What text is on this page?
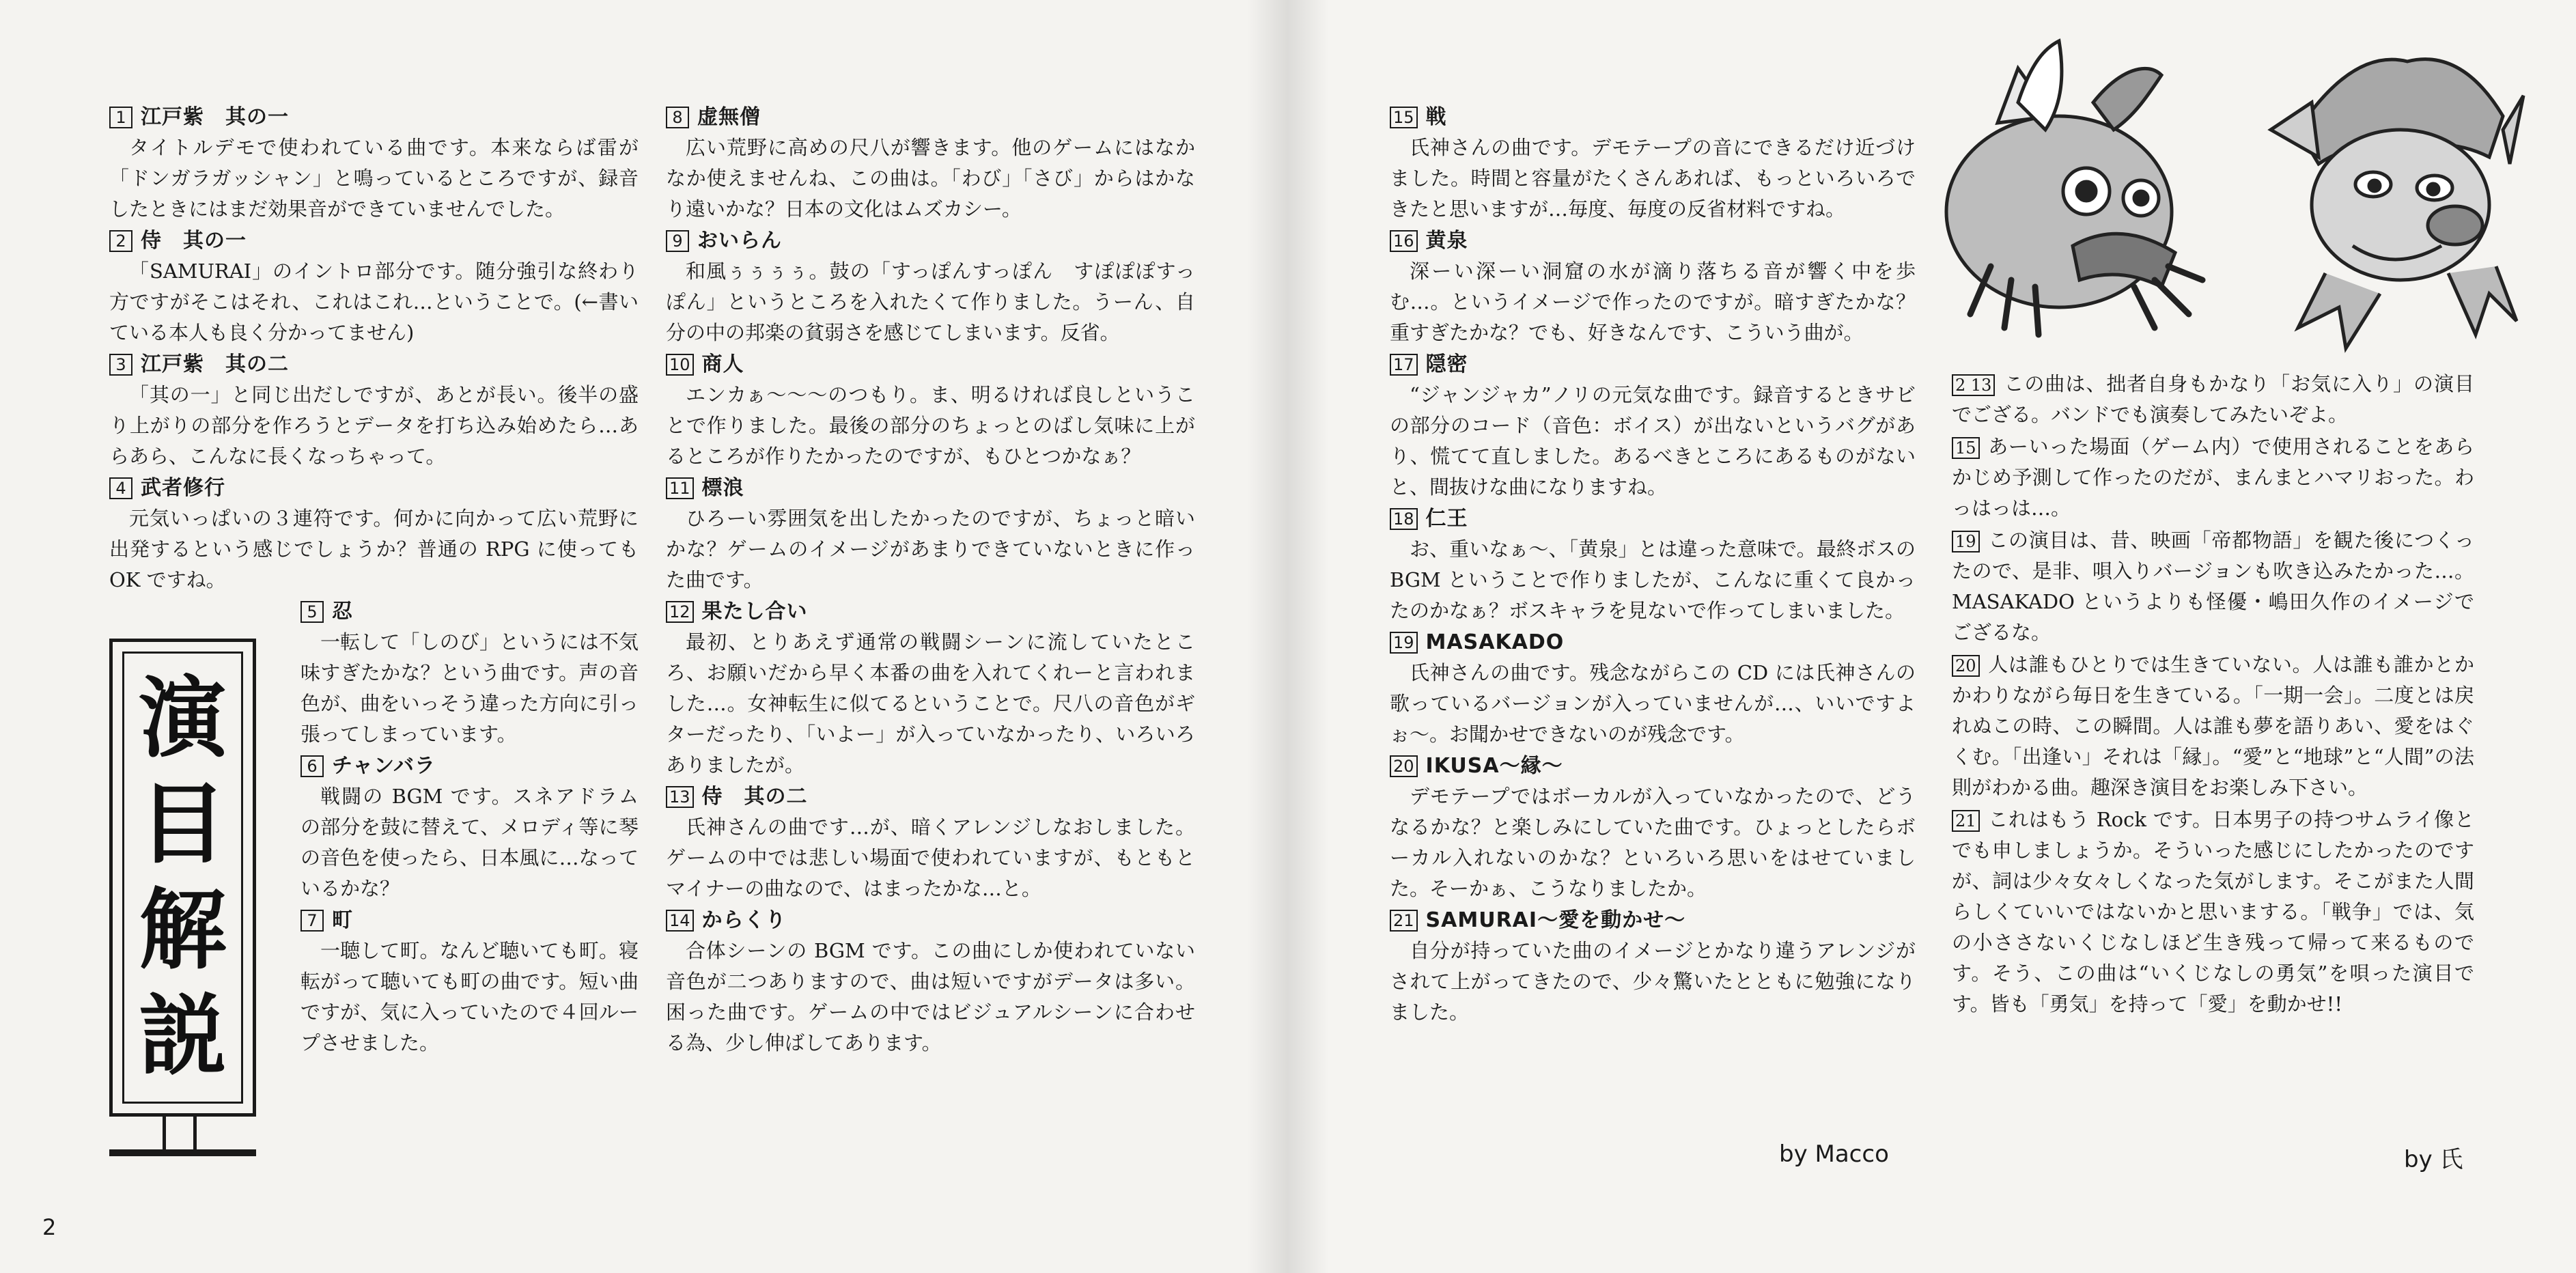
1 江戸紫　其の一

タイトルデモで使われている曲です。本来ならば雷が「ドンガラガッシャン」と鳴っているところですが、録音したときにはまだ効果音ができていませんでした。

2 侍　其の一

「SAMURAI」のイントロ部分です。随分強引な終わり方ですがそこはそれ、これはこれ…ということで。(←書いている本人も良く分かってません)

3 江戸紫　其の二

「其の一」と同じ出だしですが、あとが長い。後半の盛り上がりの部分を作ろうとデータを打ち込み始めたら…あらあら、こんなに長くなっちゃって。

4 武者修行

元気いっぱいの３連符です。何かに向かって広い荒野に出発するという感じでしょうか？普通の RPG に使っても OK ですね。

5 忍

一転して「しのび」というには不気味すぎたかな？という曲です。声の音色が、曲をいっそう違った方向に引っ張ってしまっています。

6 チャンバラ

戦闘の BGM です。スネアドラムの部分を鼓に替えて、メロディ等に琴の音色を使ったら、日本風に…なっているかな？

7 町

一聴して町。なんど聴いても町。寝転がって聴いても町の曲です。短い曲ですが、気に入っていたので４回ループさせました。

演
目
解
説
8 虚無僧

広い荒野に高めの尺八が響きます。他のゲームにはなかなか使えませんね、この曲は。「わび」「さび」からはかなり遠いかな？日本の文化はムズカシー。

9 おいらん

和風ぅぅぅぅ。鼓の「すっぽんすっぽん　すぽぽぽすっぽん」というところを入れたくて作りました。うーん、自分の中の邦楽の貧弱さを感じてしまいます。反省。

10 商人

エンカぁ〜〜〜のつもり。ま、明るければ良しということで作りました。最後の部分のちょっとのばし気味に上がるところが作りたかったのですが、もひとつかなぁ？

11 標浪

ひろーい雰囲気を出したかったのですが、ちょっと暗いかな？ゲームのイメージがあまりできていないときに作った曲です。

12 果たし合い

最初、とりあえず通常の戦闘シーンに流していたところ、お願いだから早く本番の曲を入れてくれーと言われました…。女神転生に似てるということで。尺八の音色がギターだったり、「いよー」が入っていなかったり、いろいろありましたが。

13 侍　其の二

氏神さんの曲です…が、暗くアレンジしなおしました。ゲームの中では悲しい場面で使われていますが、もともとマイナーの曲なので、はまったかな…と。

14 からくり

合体シーンの BGM です。この曲にしか使われていない音色が二つありますので、曲は短いですがデータは多い。困った曲です。ゲームの中ではビジュアルシーンに合わせる為、少し伸ばしてあります。

2
15 戦

氏神さんの曲です。デモテープの音にできるだけ近づけました。時間と容量がたくさんあれば、もっといろいろできたと思いますが…毎度、毎度の反省材料ですね。

16 黄泉

深ーい深ーい洞窟の水が滴り落ちる音が響く中を歩む…。というイメージで作ったのですが。暗すぎたかな？重すぎたかな？でも、好きなんです、こういう曲が。

17 隠密

“ジャンジャカ”ノリの元気な曲です。録音するときサビの部分のコード（音色：ボイス）が出ないというバグがあり、慌てて直しました。あるべきところにあるものがないと、間抜けな曲になりますね。

18 仁王

お、重いなぁ〜、「黄泉」とは違った意味で。最終ボスの BGM ということで作りましたが、こんなに重くて良かったのかなぁ？ボスキャラを見ないで作ってしまいました。

19 MASAKADO

氏神さんの曲です。残念ながらこの CD には氏神さんの歌っているバージョンが入っていませんが…、いいですよぉ〜。お聞かせできないのが残念です。

20 IKUSA〜縁〜

デモテープではボーカルが入っていなかったので、どうなるかな？と楽しみにしていた曲です。ひょっとしたらボーカル入れないのかな？といろいろ思いをはせていました。そーかぁ、こうなりましたか。

21 SAMURAI〜愛を動かせ〜

自分が持っていた曲のイメージとかなり違うアレンジがされて上がってきたので、少々驚いたとともに勉強になりました。

by Macco

2 13 この曲は、拙者自身もかなり「お気に入り」の演目でござる。バンドでも演奏してみたいぞよ。

15 あーいった場面（ゲーム内）で使用されることをあらかじめ予測して作ったのだが、まんまとハマリおった。わっはっは…。

19 この演目は、昔、映画「帝都物語」を観た後につくったので、是非、唄入りバージョンも吹き込みたかった…。MASAKADO というよりも怪優・嶋田久作のイメージでござるな。

20 人は誰もひとりでは生きていない。人は誰も誰かとかかわりながら毎日を生きている。「一期一会」。二度とは戻れぬこの時、この瞬間。人は誰も夢を語りあい、愛をはぐくむ。「出逢い」それは「縁」。“愛”と“地球”と“人間”の法則がわかる曲。趣深き演目をお楽しみ下さい。

21 これはもう Rock です。日本男子の持つサムライ像とでも申しましょうか。そういった感じにしたかったのですが、詞は少々女々しくなった気がします。そこがまた人間らしくていいではないかと思いまする。「戦争」では、気の小ささないくじなしほど生き残って帰って来るものです。そう、この曲は“いくじなしの勇気”を唄った演目です。皆も「勇気」を持って「愛」を動かせ!!

by 氏
